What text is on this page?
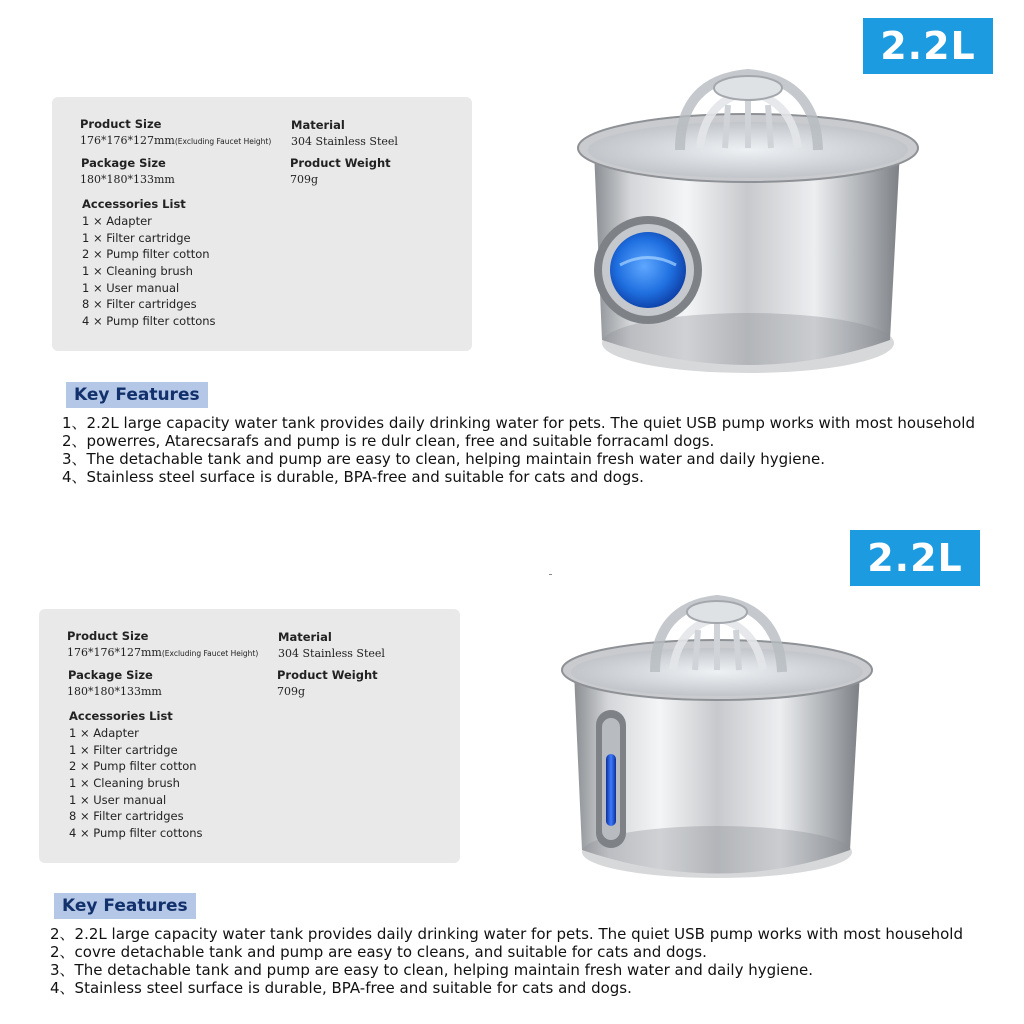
2.2L
Product Size
176*176*127mm(Excluding Faucet Height)
Material
304 Stainless Steel
Package Size
180*180*133mm
Product Weight
709g
Accessories List
1 × Adapter
1 × Filter cartridge
2 × Pump filter cotton
1 × Cleaning brush
1 × User manual
8 × Filter cartridges
4 × Pump filter cottons
Key Features
1、2.2L large capacity water tank provides daily drinking water for pets. The quiet USB pump works with most household
2、powerres, Atarecsarafs and pump is re dulr clean, free and suitable forracaml dogs.
3、The detachable tank and pump are easy to clean, helping maintain fresh water and daily hygiene.
4、Stainless steel surface is durable, BPA-free and suitable for cats and dogs.
2.2L
Product Size
176*176*127mm(Excluding Faucet Height)
Material
304 Stainless Steel
Package Size
180*180*133mm
Product Weight
709g
Accessories List
1 × Adapter
1 × Filter cartridge
2 × Pump filter cotton
1 × Cleaning brush
1 × User manual
8 × Filter cartridges
4 × Pump filter cottons
Key Features
2、2.2L large capacity water tank provides daily drinking water for pets. The quiet USB pump works with most household
2、covre detachable tank and pump are easy to cleans, and suitable for cats and dogs.
3、The detachable tank and pump are easy to clean, helping maintain fresh water and daily hygiene.
4、Stainless steel surface is durable, BPA-free and suitable for cats and dogs.
